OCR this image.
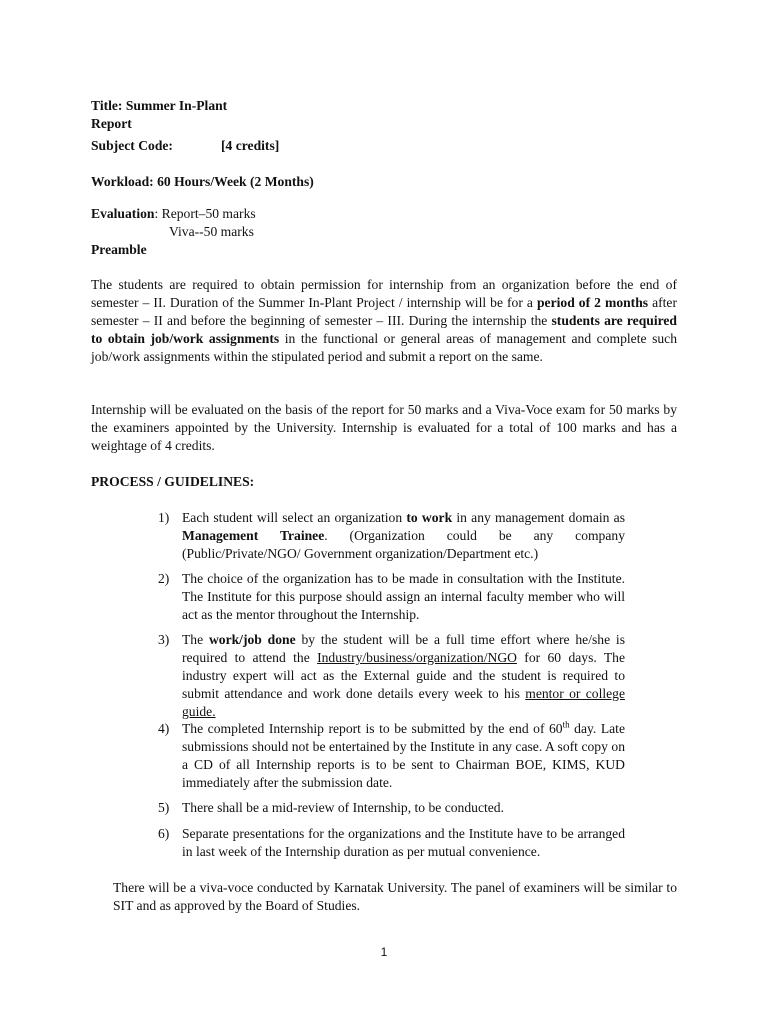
Title: Summer In-Plant
Report
Subject Code:	[4 credits]
Workload: 60 Hours/Week (2 Months)
Evaluation: Report–50 marks
Viva--50 marks
Preamble
The students are required to obtain permission for internship from an organization before the end of semester – II. Duration of the Summer In-Plant Project / internship will be for a period of 2 months after semester – II and before the beginning of semester – III. During the internship the students are required to obtain job/work assignments in the functional or general areas of management and complete such job/work assignments within the stipulated period and submit a report on the same.
Internship will be evaluated on the basis of the report for 50 marks and a Viva-Voce exam for 50 marks by the examiners appointed by the University. Internship is evaluated for a total of 100 marks and has a weightage of 4 credits.
PROCESS / GUIDELINES:
1) Each student will select an organization to work in any management domain as Management Trainee. (Organization could be any company (Public/Private/NGO/ Government organization/Department etc.)
2) The choice of the organization has to be made in consultation with the Institute. The Institute for this purpose should assign an internal faculty member who will act as the mentor throughout the Internship.
3) The work/job done by the student will be a full time effort where he/she is required to attend the Industry/business/organization/NGO for 60 days. The industry expert will act as the External guide and the student is required to submit attendance and work done details every week to his mentor or college guide.
4) The completed Internship report is to be submitted by the end of 60th day. Late submissions should not be entertained by the Institute in any case. A soft copy on a CD of all Internship reports is to be sent to Chairman BOE, KIMS, KUD immediately after the submission date.
5) There shall be a mid-review of Internship, to be conducted.
6) Separate presentations for the organizations and the Institute have to be arranged in last week of the Internship duration as per mutual convenience.
There will be a viva-voce conducted by Karnatak University. The panel of examiners will be similar to SIT and as approved by the Board of Studies.
1
